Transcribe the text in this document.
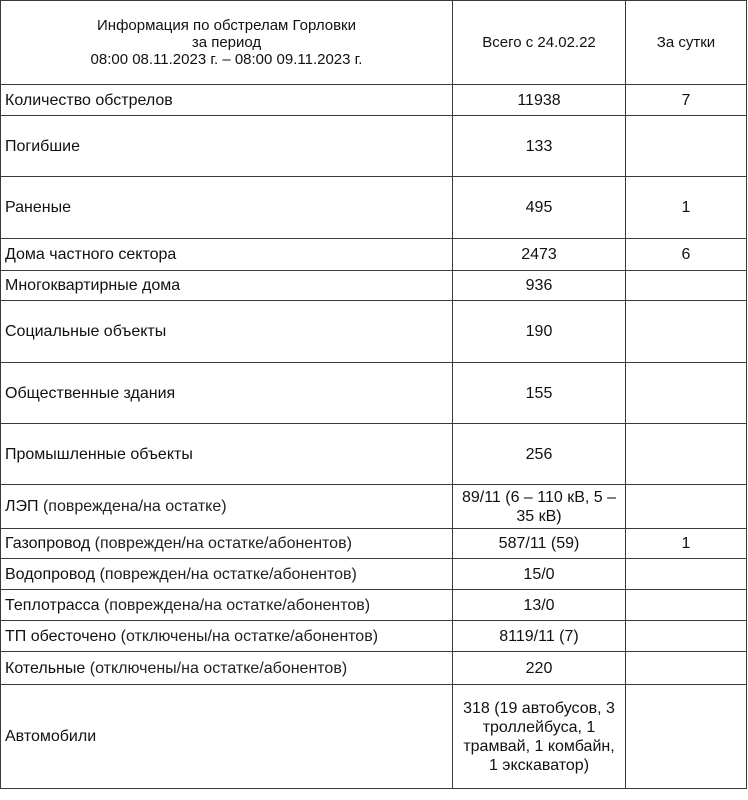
Информация по обстрелам Горловки
за период
08:00 08.11.2023 г. – 08:00 09.11.2023 г.	Всего с 24.02.22	За сутки
Количество обстрелов	11938	7
Погибшие	133	
Раненые	495	1
Дома частного сектора	2473	6
Многоквартирные дома	936	
Социальные объекты	190	
Общественные здания	155	
Промышленные объекты	256	
ЛЭП (повреждена/на остатке)	89/11 (6 – 110 кВ, 5 – 35 кВ)	
Газопровод (поврежден/на остатке/абонентов)	587/11 (59)	1
Водопровод (поврежден/на остатке/абонентов)	15/0	
Теплотрасса (повреждена/на остатке/абонентов)	13/0	
ТП обесточено (отключены/на остатке/абонентов)	8119/11 (7)	
Котельные (отключены/на остатке/абонентов)	220	
Автомобили	318 (19 автобусов, 3 троллейбуса, 1 трамвай, 1 комбайн, 1 экскаватор)	
